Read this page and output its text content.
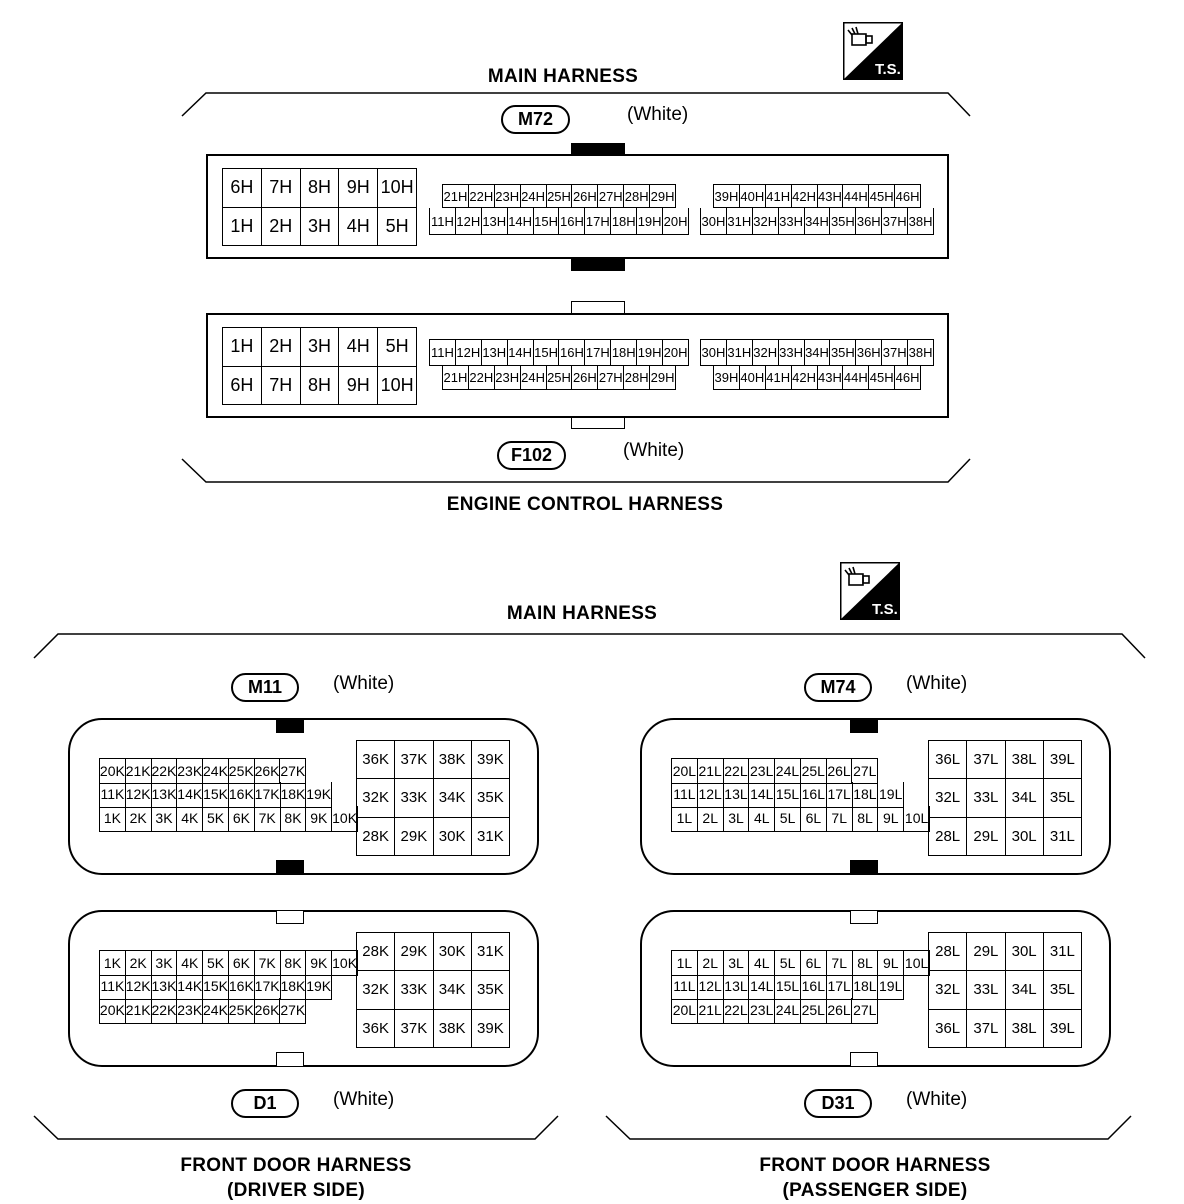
T.S.
T.S.
MAIN HARNESS
ENGINE CONTROL HARNESS
M72	(White)
F102	(White)
6H 7H 8H 9H 10H
1H 2H 3H 4H 5H
21H 22H 23H 24H 25H 26H 27H 28H 29H
11H 12H 13H 14H 15H 16H 17H 18H 19H 20H
39H 40H 41H 42H 43H 44H 45H 46H
30H 31H 32H 33H 34H 35H 36H 37H 38H
1H 2H 3H 4H 5H
6H 7H 8H 9H 10H
11H 12H 13H 14H 15H 16H 17H 18H 19H 20H
21H 22H 23H 24H 25H 26H 27H 28H 29H
30H 31H 32H 33H 34H 35H 36H 37H 38H
39H 40H 41H 42H 43H 44H 45H 46H
MAIN HARNESS
M11	(White)	M74	(White)
D1	(White)	D31	(White)
FRONT DOOR HARNESS
(DRIVER SIDE)
FRONT DOOR HARNESS
(PASSENGER SIDE)
20K 21K 22K 23K 24K 25K 26K 27K
11K 12K 13K 14K 15K 16K 17K 18K 19K
1K 2K 3K 4K 5K 6K 7K 8K 9K 10K
36K 37K 38K 39K
32K 33K 34K 35K
28K 29K 30K 31K
1K 2K 3K 4K 5K 6K 7K 8K 9K 10K
11K 12K 13K 14K 15K 16K 17K 18K 19K
20K 21K 22K 23K 24K 25K 26K 27K
28K 29K 30K 31K
32K 33K 34K 35K
36K 37K 38K 39K
20L 21L 22L 23L 24L 25L 26L 27L
11L 12L 13L 14L 15L 16L 17L 18L 19L
1L 2L 3L 4L 5L 6L 7L 8L 9L 10L
36L 37L 38L 39L
32L 33L 34L 35L
28L 29L 30L 31L
1L 2L 3L 4L 5L 6L 7L 8L 9L 10L
11L 12L 13L 14L 15L 16L 17L 18L 19L
20L 21L 22L 23L 24L 25L 26L 27L
28L 29L 30L 31L
32L 33L 34L 35L
36L 37L 38L 39L
